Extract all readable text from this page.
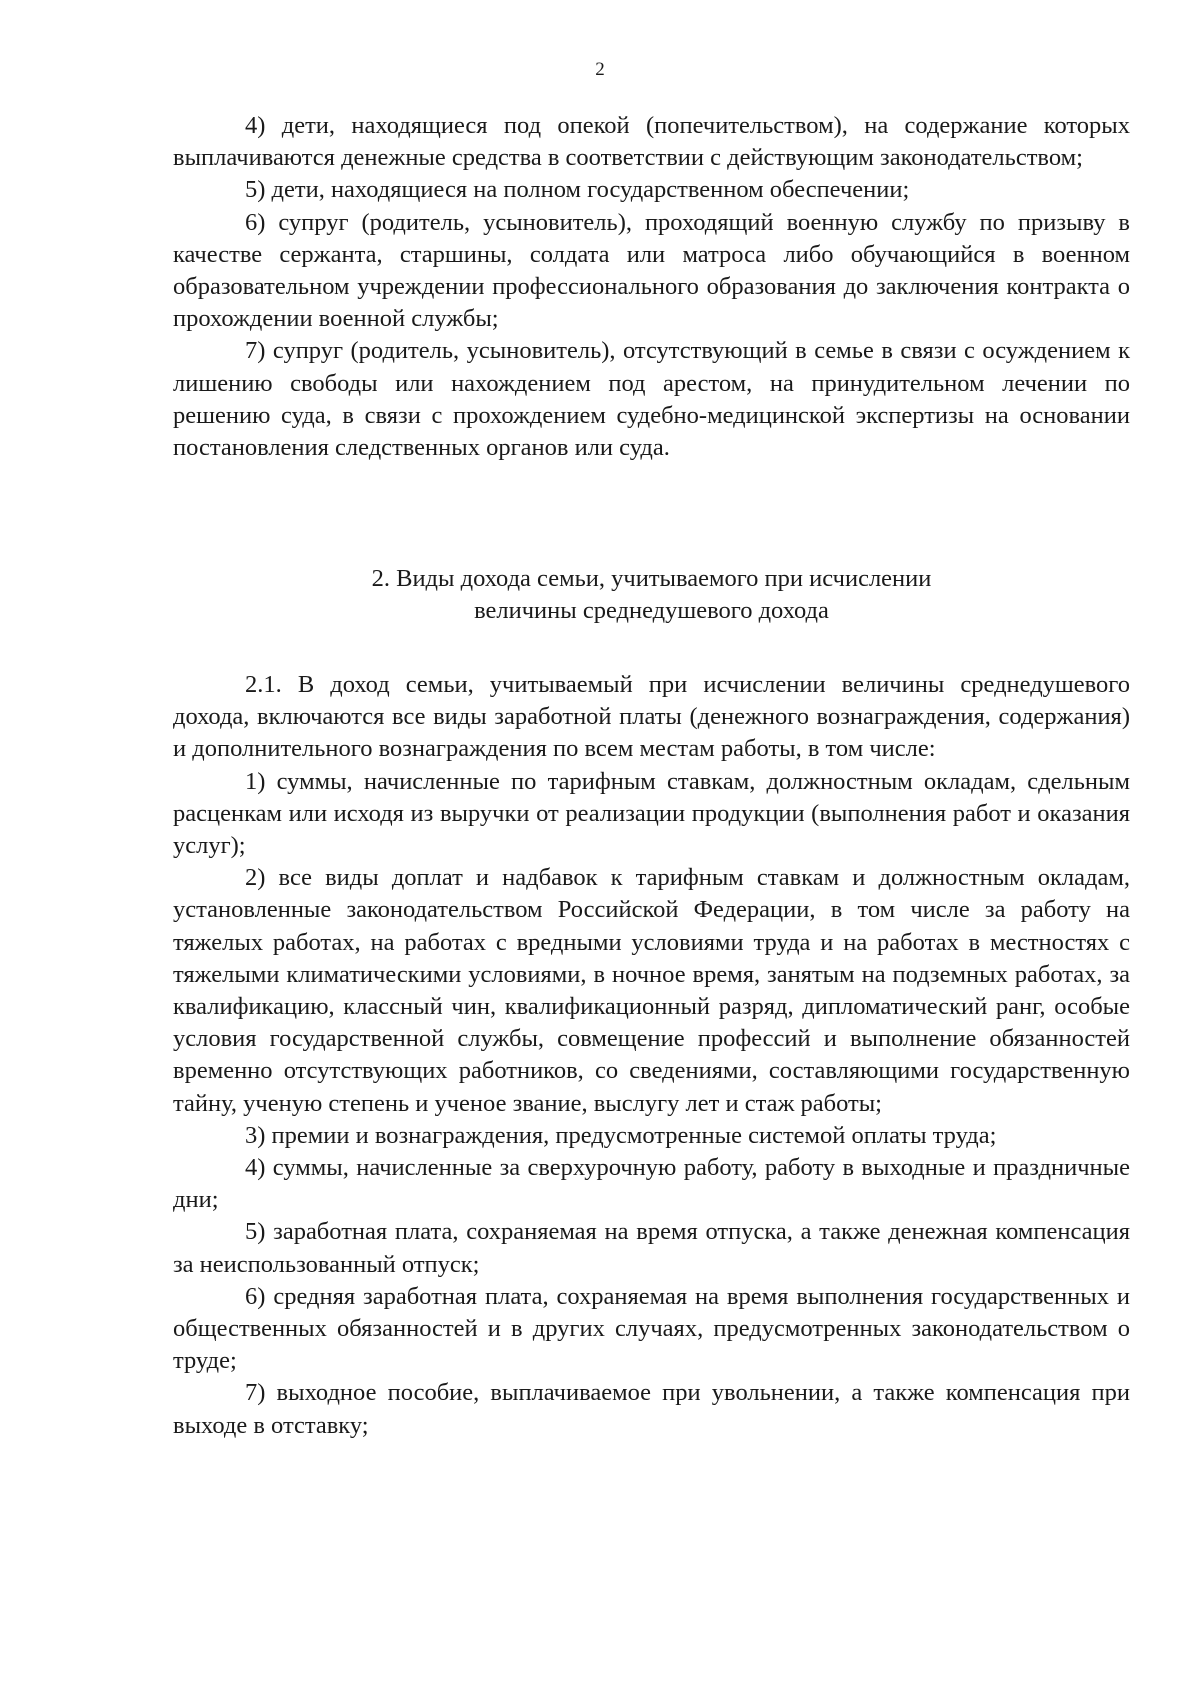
2

4) дети, находящиеся под опекой (попечительством), на содержание которых выплачиваются денежные средства в соответствии с действующим законодательством;

5) дети, находящиеся на полном государственном обеспечении;

6) супруг (родитель, усыновитель), проходящий военную службу по призыву в качестве сержанта, старшины, солдата или матроса либо обучающийся в военном образовательном учреждении профессионального образования до заключения контракта о прохождении военной службы;

7) супруг (родитель, усыновитель), отсутствующий в семье в связи с осуждением к лишению свободы или нахождением под арестом, на принудительном лечении по решению суда, в связи с прохождением судебно-медицинской экспертизы на основании постановления следственных органов или суда.

2. Виды дохода семьи, учитываемого при исчислении
величины среднедушевого дохода

2.1. В доход семьи, учитываемый при исчислении величины среднедушевого дохода, включаются все виды заработной платы (денежного вознаграждения, содержания) и дополнительного вознаграждения по всем местам работы, в том числе:

1) суммы, начисленные по тарифным ставкам, должностным окладам, сдельным расценкам или исходя из выручки от реализации продукции (выполнения работ и оказания услуг);

2) все виды доплат и надбавок к тарифным ставкам и должностным окладам, установленные законодательством Российской Федерации, в том числе за работу на тяжелых работах, на работах с вредными условиями труда и на работах в местностях с тяжелыми климатическими условиями, в ночное время, занятым на подземных работах, за квалификацию, классный чин, квалификационный разряд, дипломатический ранг, особые условия государственной службы, совмещение профессий и выполнение обязанностей временно отсутствующих работников, со сведениями, составляющими государственную тайну, ученую степень и ученое звание, выслугу лет и стаж работы;

3) премии и вознаграждения, предусмотренные системой оплаты труда;

4) суммы, начисленные за сверхурочную работу, работу в выходные и праздничные дни;

5) заработная плата, сохраняемая на время отпуска, а также денежная компенсация за неиспользованный отпуск;

6) средняя заработная плата, сохраняемая на время выполнения государственных и общественных обязанностей и в других случаях, предусмотренных законодательством о труде;

7) выходное пособие, выплачиваемое при увольнении, а также компенсация при выходе в отставку;
